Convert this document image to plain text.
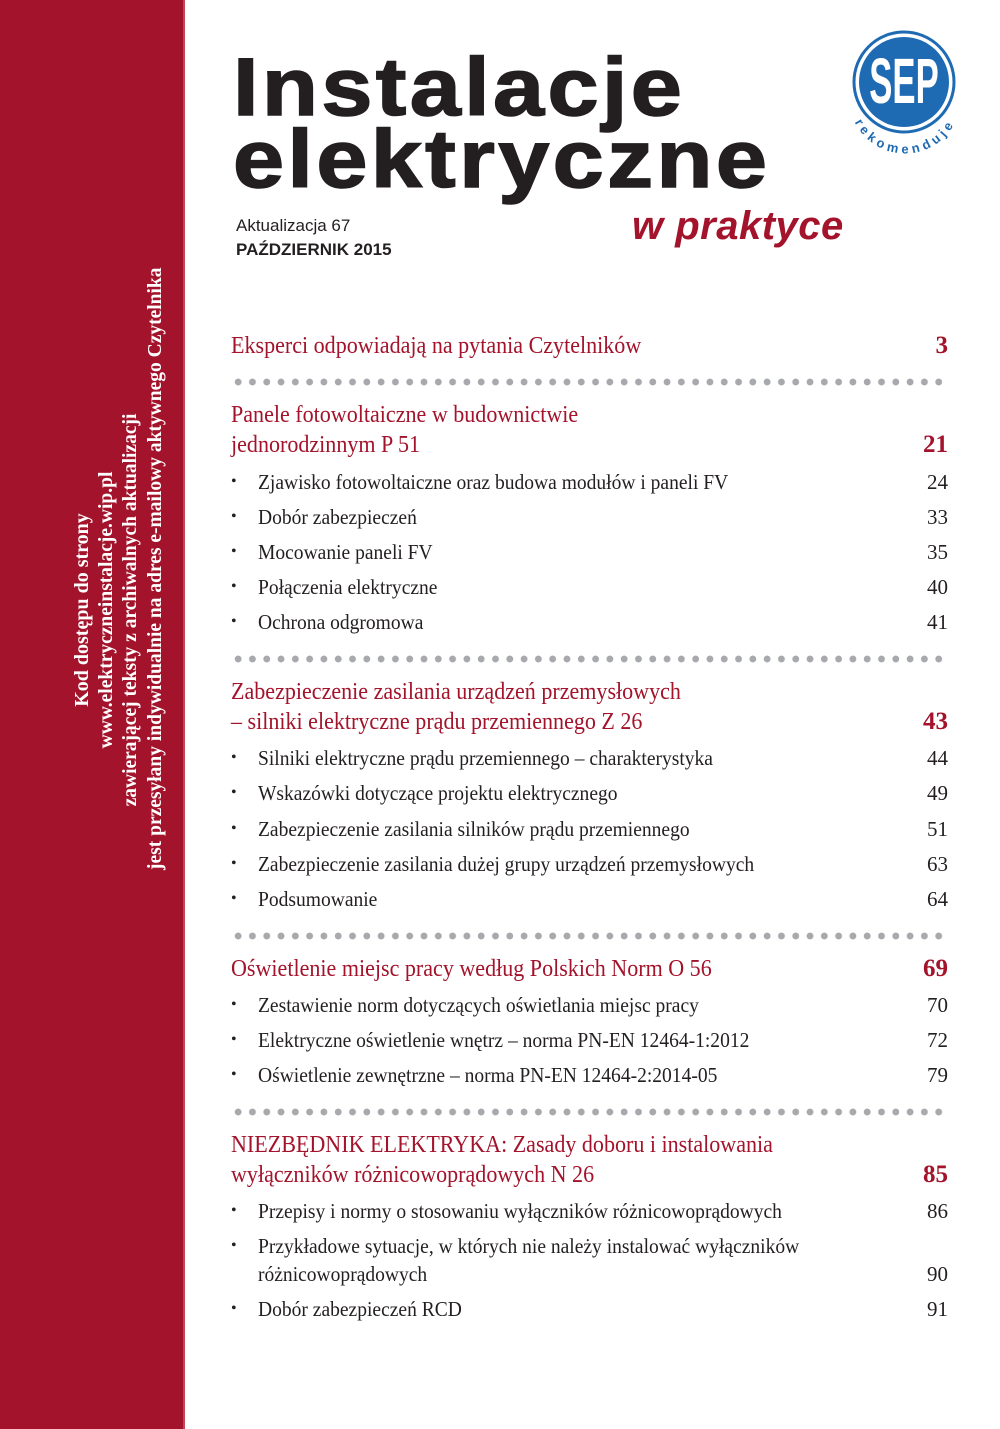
Kod dostępu do strony www.elektryczneinstalacje.wip.pl zawierającej teksty z archiwalnych aktualizacji jest przesyłany indywidualnie na adres e-mailowy aktywnego Czytelnika
Instalacje
elektryczne
w praktyce
Aktualizacja 67
PAŹDZIERNIK 2015
SEP
rekomenduje
Eksperci odpowiadają na pytania Czytelników	3
Panele fotowoltaiczne w budownictwie
jednorodzinnym P 51	21
• Zjawisko fotowoltaiczne oraz budowa modułów i paneli FV	24
• Dobór zabezpieczeń	33
• Mocowanie paneli FV	35
• Połączenia elektryczne	40
• Ochrona odgromowa	41
Zabezpieczenie zasilania urządzeń przemysłowych
– silniki elektryczne prądu przemiennego Z 26	43
• Silniki elektryczne prądu przemiennego – charakterystyka	44
• Wskazówki dotyczące projektu elektrycznego	49
• Zabezpieczenie zasilania silników prądu przemiennego	51
• Zabezpieczenie zasilania dużej grupy urządzeń przemysłowych	63
• Podsumowanie	64
Oświetlenie miejsc pracy według Polskich Norm O 56	69
• Zestawienie norm dotyczących oświetlania miejsc pracy	70
• Elektryczne oświetlenie wnętrz – norma PN-EN 12464-1:2012	72
• Oświetlenie zewnętrzne – norma PN-EN 12464-2:2014-05	79
NIEZBĘDNIK ELEKTRYKA: Zasady doboru i instalowania
wyłączników różnicowoprądowych N 26	85
• Przepisy i normy o stosowaniu wyłączników różnicowoprądowych	86
• Przykładowe sytuacje, w których nie należy instalować wyłączników
różnicowoprądowych	90
• Dobór zabezpieczeń RCD	91
